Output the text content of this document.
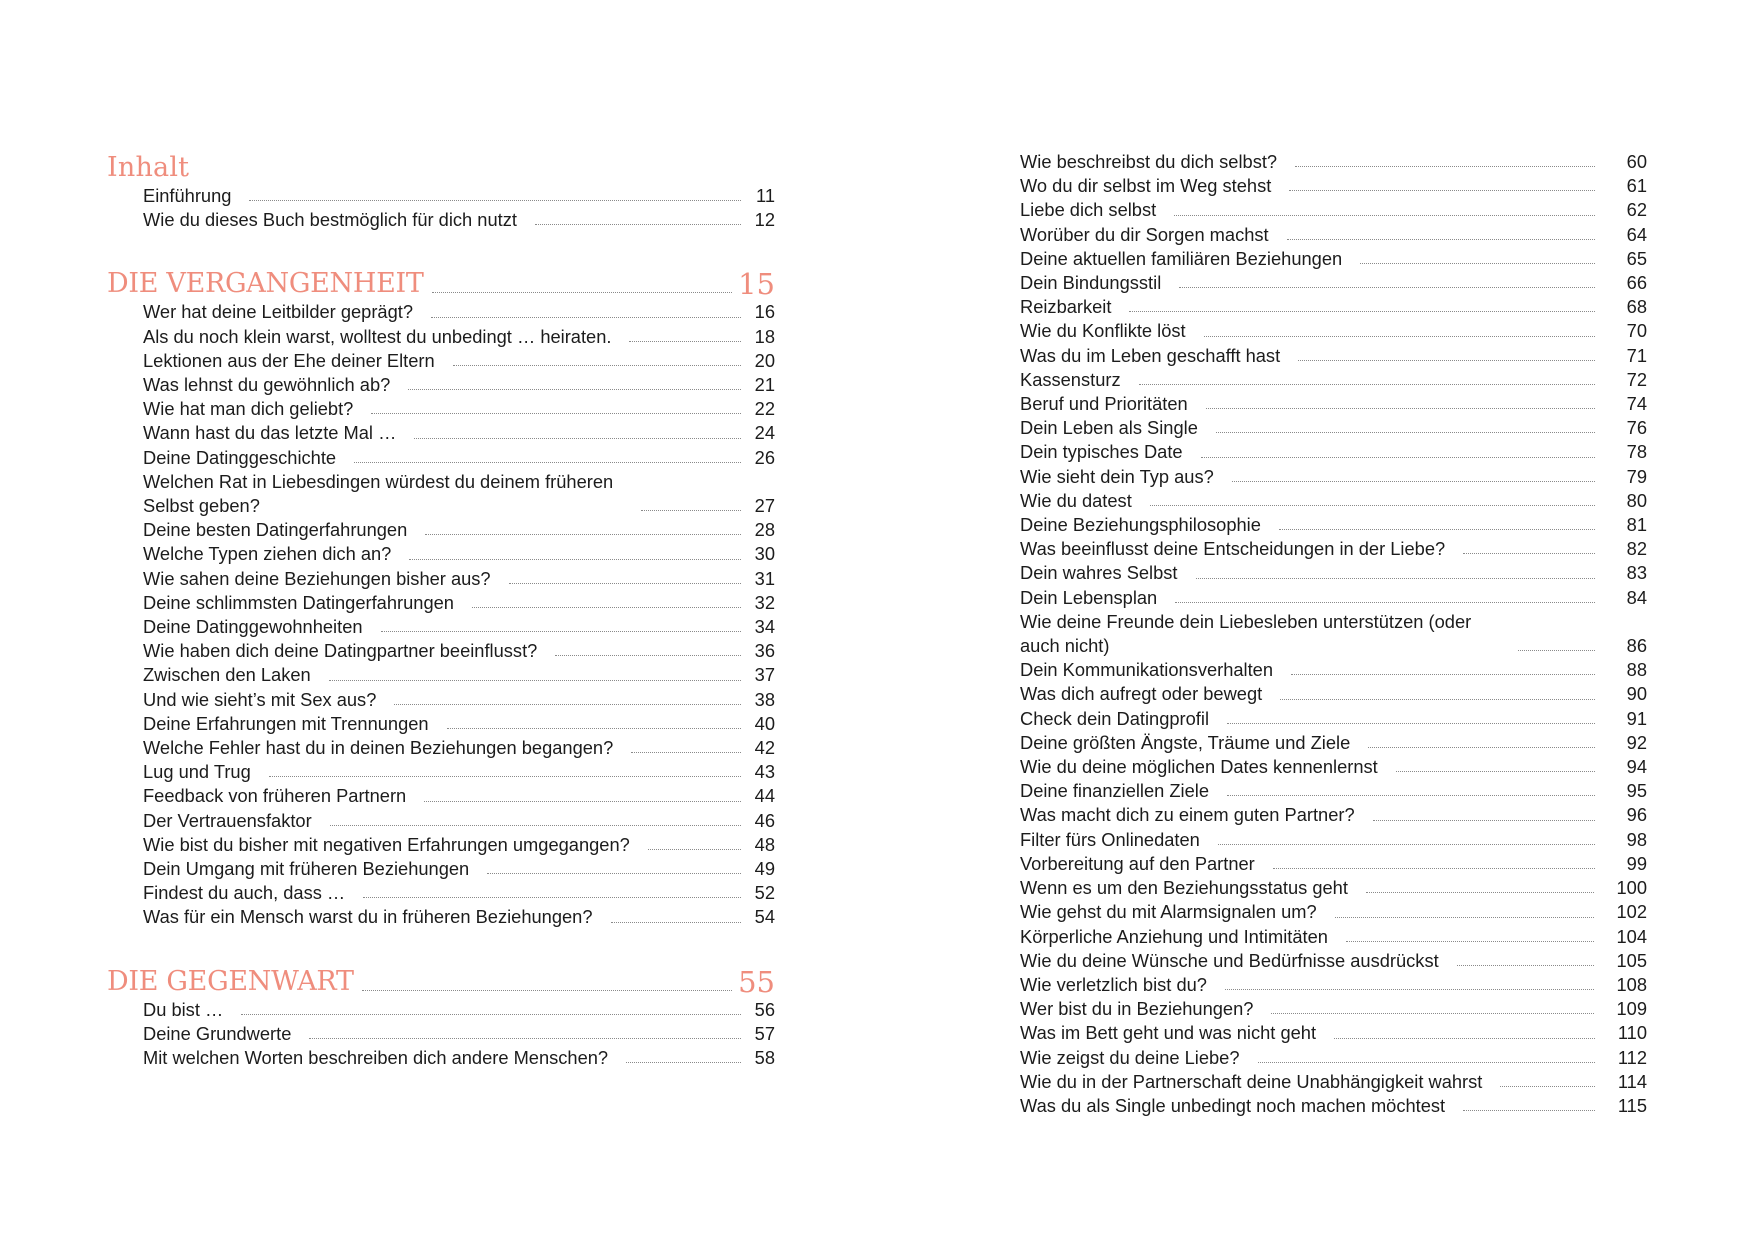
Inhalt
Einführung	11
Wie du dieses Buch bestmöglich für dich nutzt	12
DIE VERGANGENHEIT	15
Wer hat deine Leitbilder geprägt?	16
Als du noch klein warst, wolltest du unbedingt … heiraten.	18
Lektionen aus der Ehe deiner Eltern	20
Was lehnst du gewöhnlich ab?	21
Wie hat man dich geliebt?	22
Wann hast du das letzte Mal …	24
Deine Datinggeschichte	26
Welchen Rat in Liebesdingen würdest du deinem früheren Selbst geben?	27
Deine besten Datingerfahrungen	28
Welche Typen ziehen dich an?	30
Wie sahen deine Beziehungen bisher aus?	31
Deine schlimmsten Datingerfahrungen	32
Deine Datinggewohnheiten	34
Wie haben dich deine Datingpartner beeinflusst?	36
Zwischen den Laken	37
Und wie sieht’s mit Sex aus?	38
Deine Erfahrungen mit Trennungen	40
Welche Fehler hast du in deinen Beziehungen begangen?	42
Lug und Trug	43
Feedback von früheren Partnern	44
Der Vertrauensfaktor	46
Wie bist du bisher mit negativen Erfahrungen umgegangen?	48
Dein Umgang mit früheren Beziehungen	49
Findest du auch, dass …	52
Was für ein Mensch warst du in früheren Beziehungen?	54
DIE GEGENWART	55
Du bist …	56
Deine Grundwerte	57
Mit welchen Worten beschreiben dich andere Menschen?	58
Wie beschreibst du dich selbst?	60
Wo du dir selbst im Weg stehst	61
Liebe dich selbst	62
Worüber du dir Sorgen machst	64
Deine aktuellen familiären Beziehungen	65
Dein Bindungsstil	66
Reizbarkeit	68
Wie du Konflikte löst	70
Was du im Leben geschafft hast	71
Kassensturz	72
Beruf und Prioritäten	74
Dein Leben als Single	76
Dein typisches Date	78
Wie sieht dein Typ aus?	79
Wie du datest	80
Deine Beziehungsphilosophie	81
Was beeinflusst deine Entscheidungen in der Liebe?	82
Dein wahres Selbst	83
Dein Lebensplan	84
Wie deine Freunde dein Liebesleben unterstützen (oder auch nicht)	86
Dein Kommunikationsverhalten	88
Was dich aufregt oder bewegt	90
Check dein Datingprofil	91
Deine größten Ängste, Träume und Ziele	92
Wie du deine möglichen Dates kennenlernst	94
Deine finanziellen Ziele	95
Was macht dich zu einem guten Partner?	96
Filter fürs Onlinedaten	98
Vorbereitung auf den Partner	99
Wenn es um den Beziehungsstatus geht	100
Wie gehst du mit Alarmsignalen um?	102
Körperliche Anziehung und Intimitäten	104
Wie du deine Wünsche und Bedürfnisse ausdrückst	105
Wie verletzlich bist du?	108
Wer bist du in Beziehungen?	109
Was im Bett geht und was nicht geht	110
Wie zeigst du deine Liebe?	112
Wie du in der Partnerschaft deine Unabhängigkeit wahrst	114
Was du als Single unbedingt noch machen möchtest	115
